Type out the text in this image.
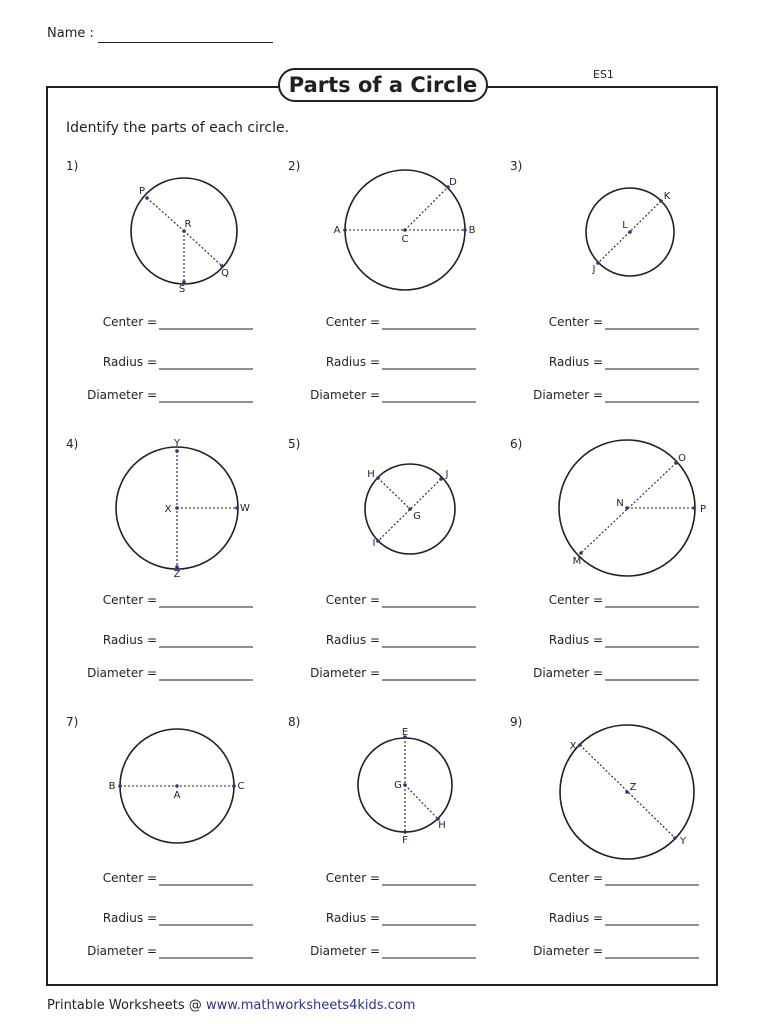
Name :
ES1
Parts of a Circle
Identify the parts of each circle.
1)
P
R
Q
S
Center =
Radius =
Diameter =
2)
A
C
B
D
Center =
Radius =
Diameter =
3)
K
L
J
Center =
Radius =
Diameter =
4)	Y
X	W
Z
Center =
Radius =
Diameter =
5)
H	J
G
I
Center =
Radius =
Diameter =
6)
O
N
P
M
Center =
Radius =
Diameter =
7)
B
A
C
Center =
Radius =
Diameter =
8)
E
G
H
F
Center =
Radius =
Diameter =
9)
X
Z
Y
Center =
Radius =
Diameter =
Printable Worksheets @ www.mathworksheets4kids.com
